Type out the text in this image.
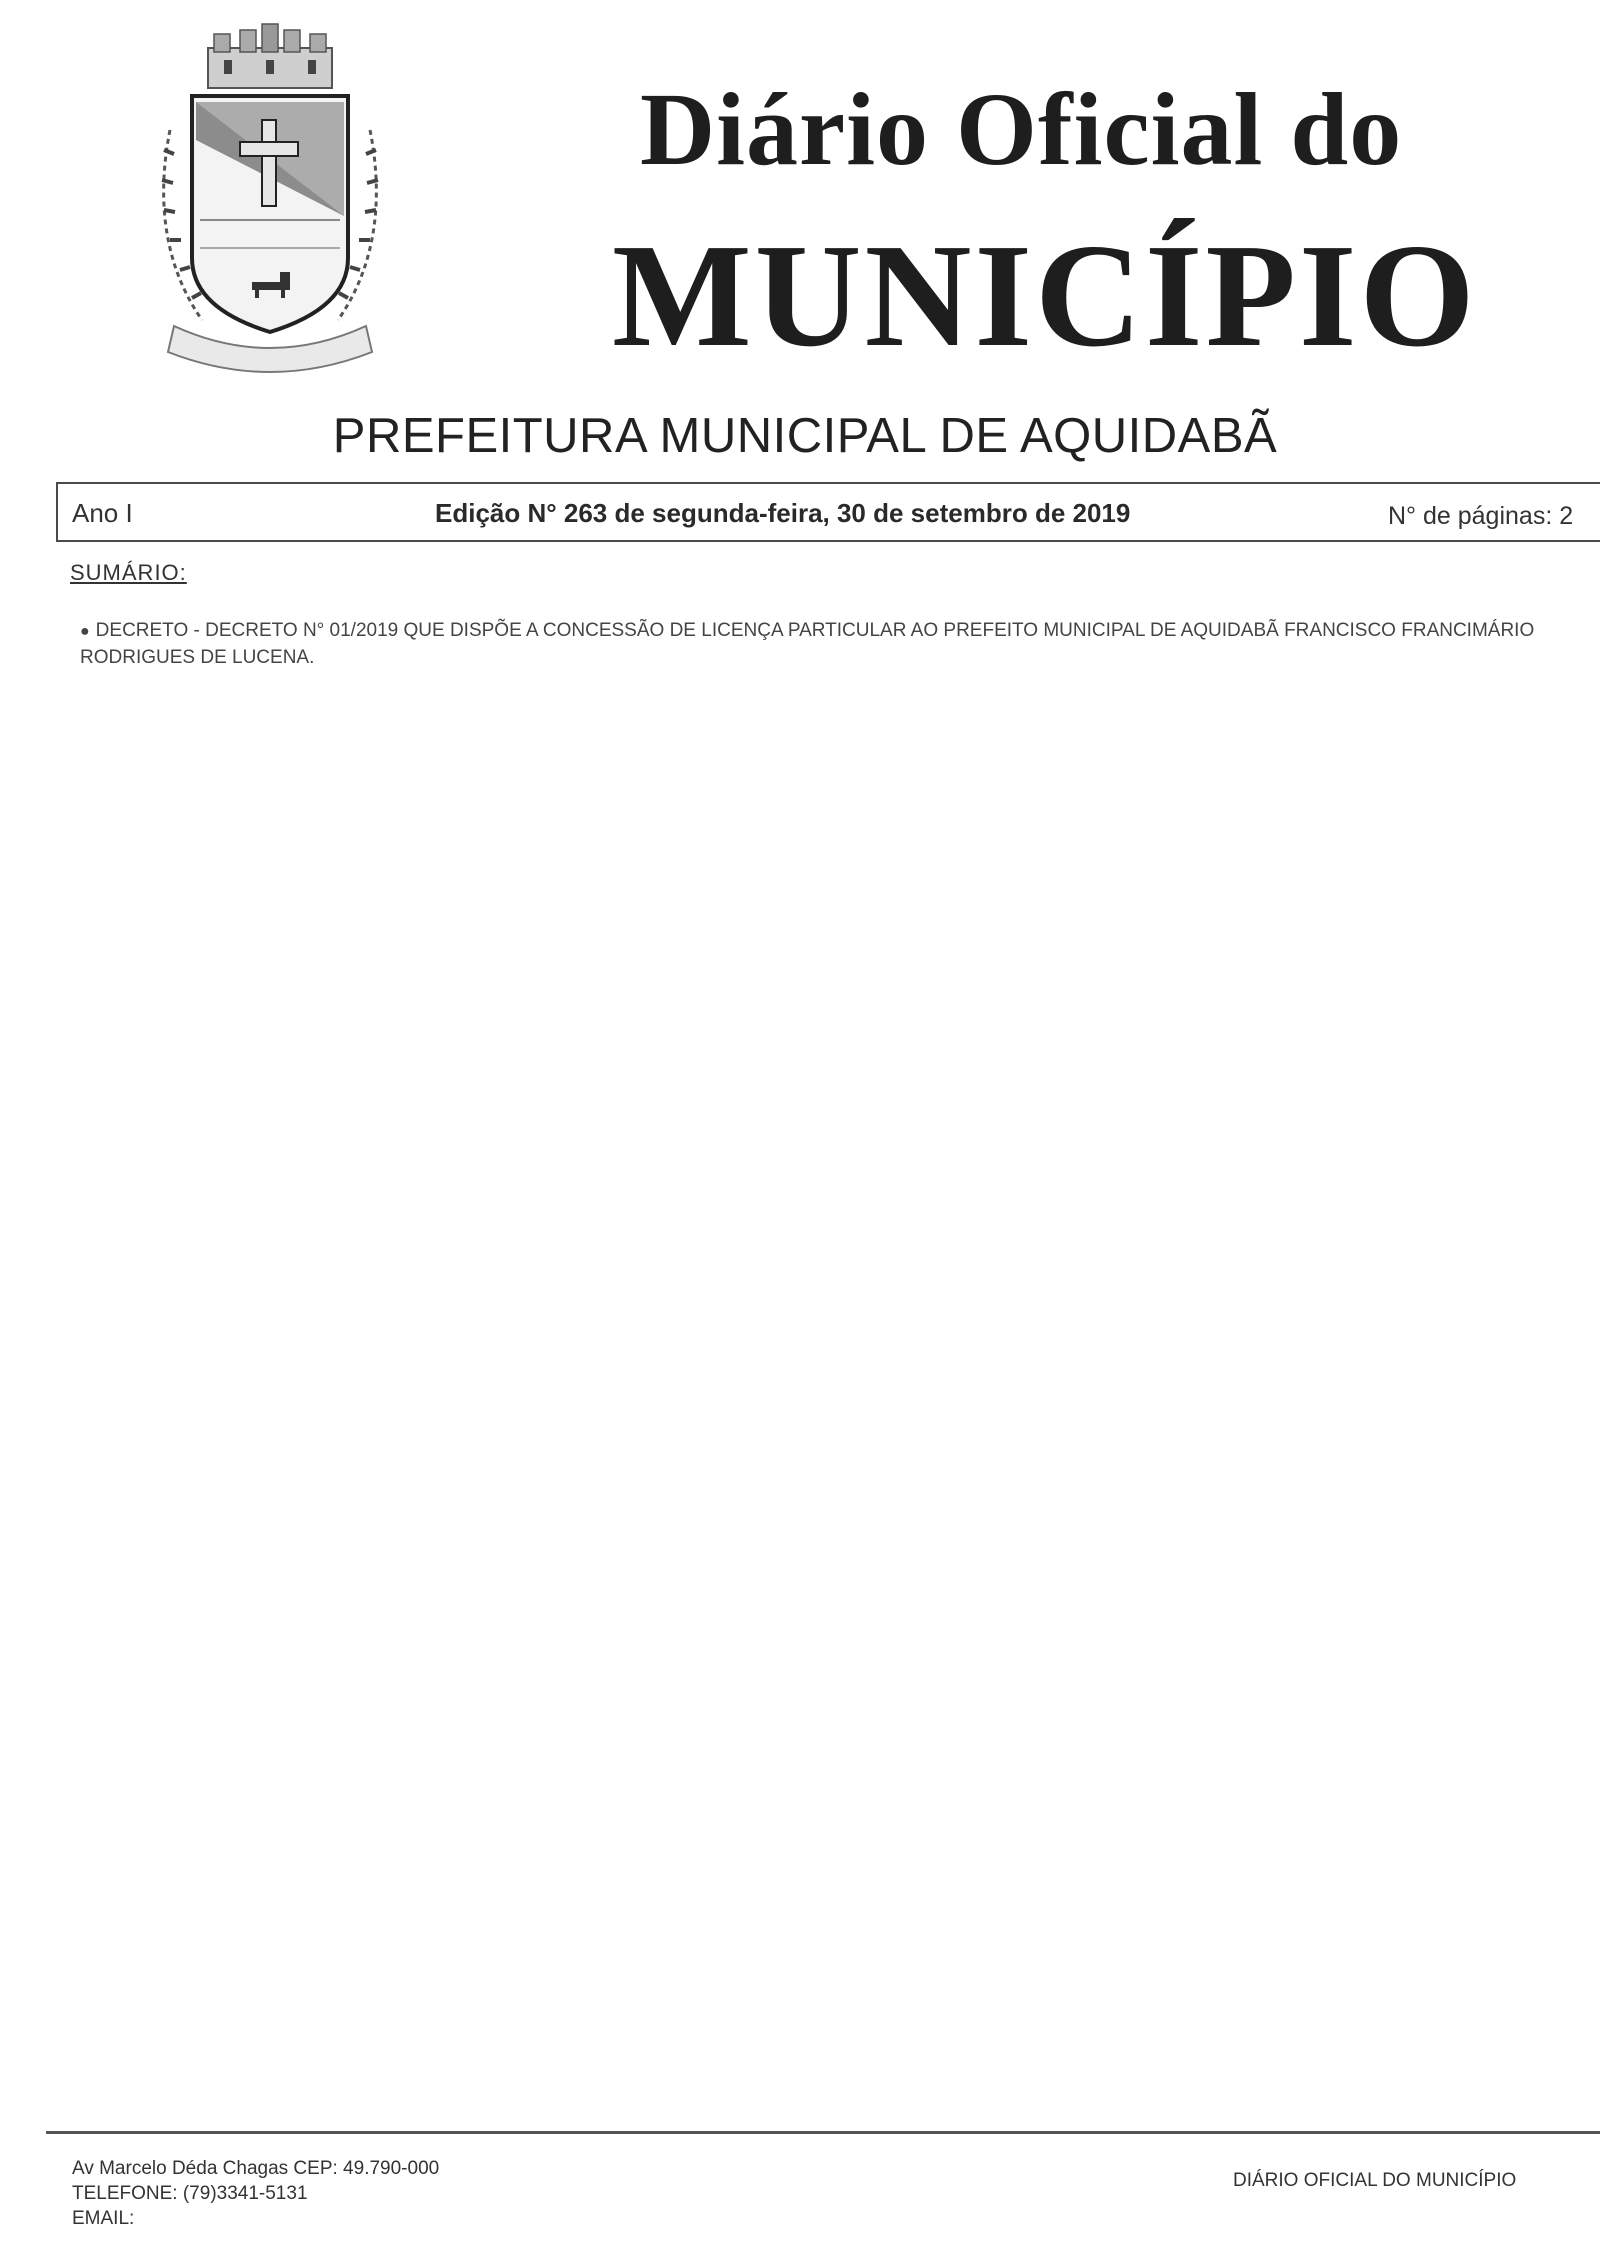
Diário Oficial do
MUNICÍPIO
PREFEITURA MUNICIPAL DE AQUIDABÃ
Ano I	Edição N° 263 de segunda-feira, 30 de setembro de 2019	N° de páginas: 2
SUMÁRIO:

● DECRETO - DECRETO N° 01/2019 QUE DISPÕE A CONCESSÃO DE LICENÇA PARTICULAR AO PREFEITO MUNICIPAL DE AQUIDABÃ FRANCISCO FRANCIMÁRIO RODRIGUES DE LUCENA.

Av Marcelo Déda Chagas CEP: 49.790-000
TELEFONE: (79)3341-5131
EMAIL:
DIÁRIO OFICIAL DO MUNICÍPIO
